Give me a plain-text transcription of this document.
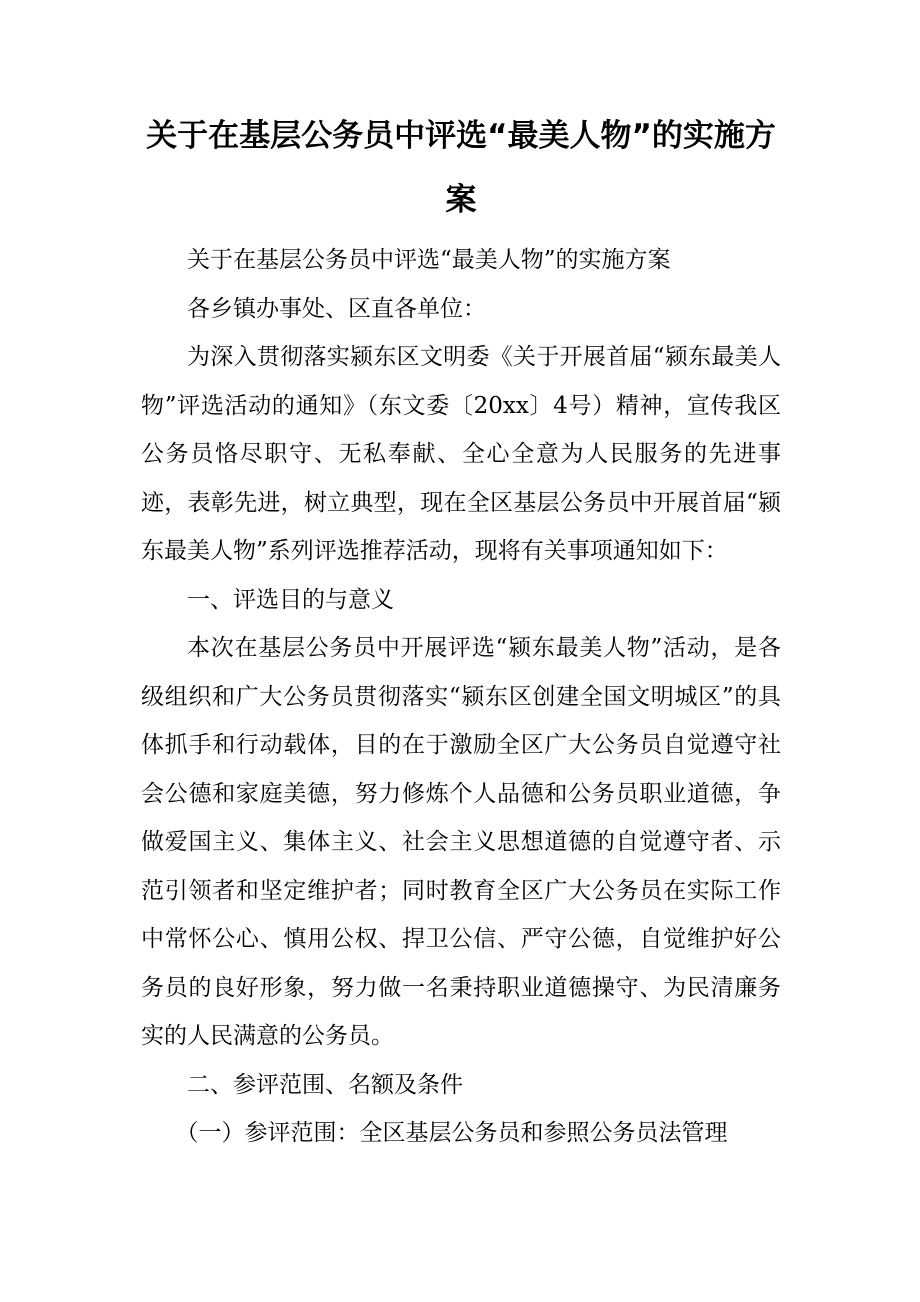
关于在基层公务员中评选“最美人物”的实施方案

关于在基层公务员中评选“最美人物”的实施方案

各乡镇办事处、区直各单位：

为深入贯彻落实颍东区文明委《关于开展首届“颍东最美人物”评选活动的通知》（东文委〔20xx〕4号）精神，宣传我区公务员恪尽职守、无私奉献、全心全意为人民服务的先进事迹，表彰先进，树立典型，现在全区基层公务员中开展首届“颍东最美人物”系列评选推荐活动，现将有关事项通知如下：

一、评选目的与意义

本次在基层公务员中开展评选“颍东最美人物”活动，是各级组织和广大公务员贯彻落实“颍东区创建全国文明城区”的具体抓手和行动载体，目的在于激励全区广大公务员自觉遵守社会公德和家庭美德，努力修炼个人品德和公务员职业道德，争做爱国主义、集体主义、社会主义思想道德的自觉遵守者、示范引领者和坚定维护者；同时教育全区广大公务员在实际工作中常怀公心、慎用公权、捍卫公信、严守公德，自觉维护好公务员的良好形象，努力做一名秉持职业道德操守、为民清廉务实的人民满意的公务员。

二、参评范围、名额及条件

（一）参评范围：全区基层公务员和参照公务员法管理
